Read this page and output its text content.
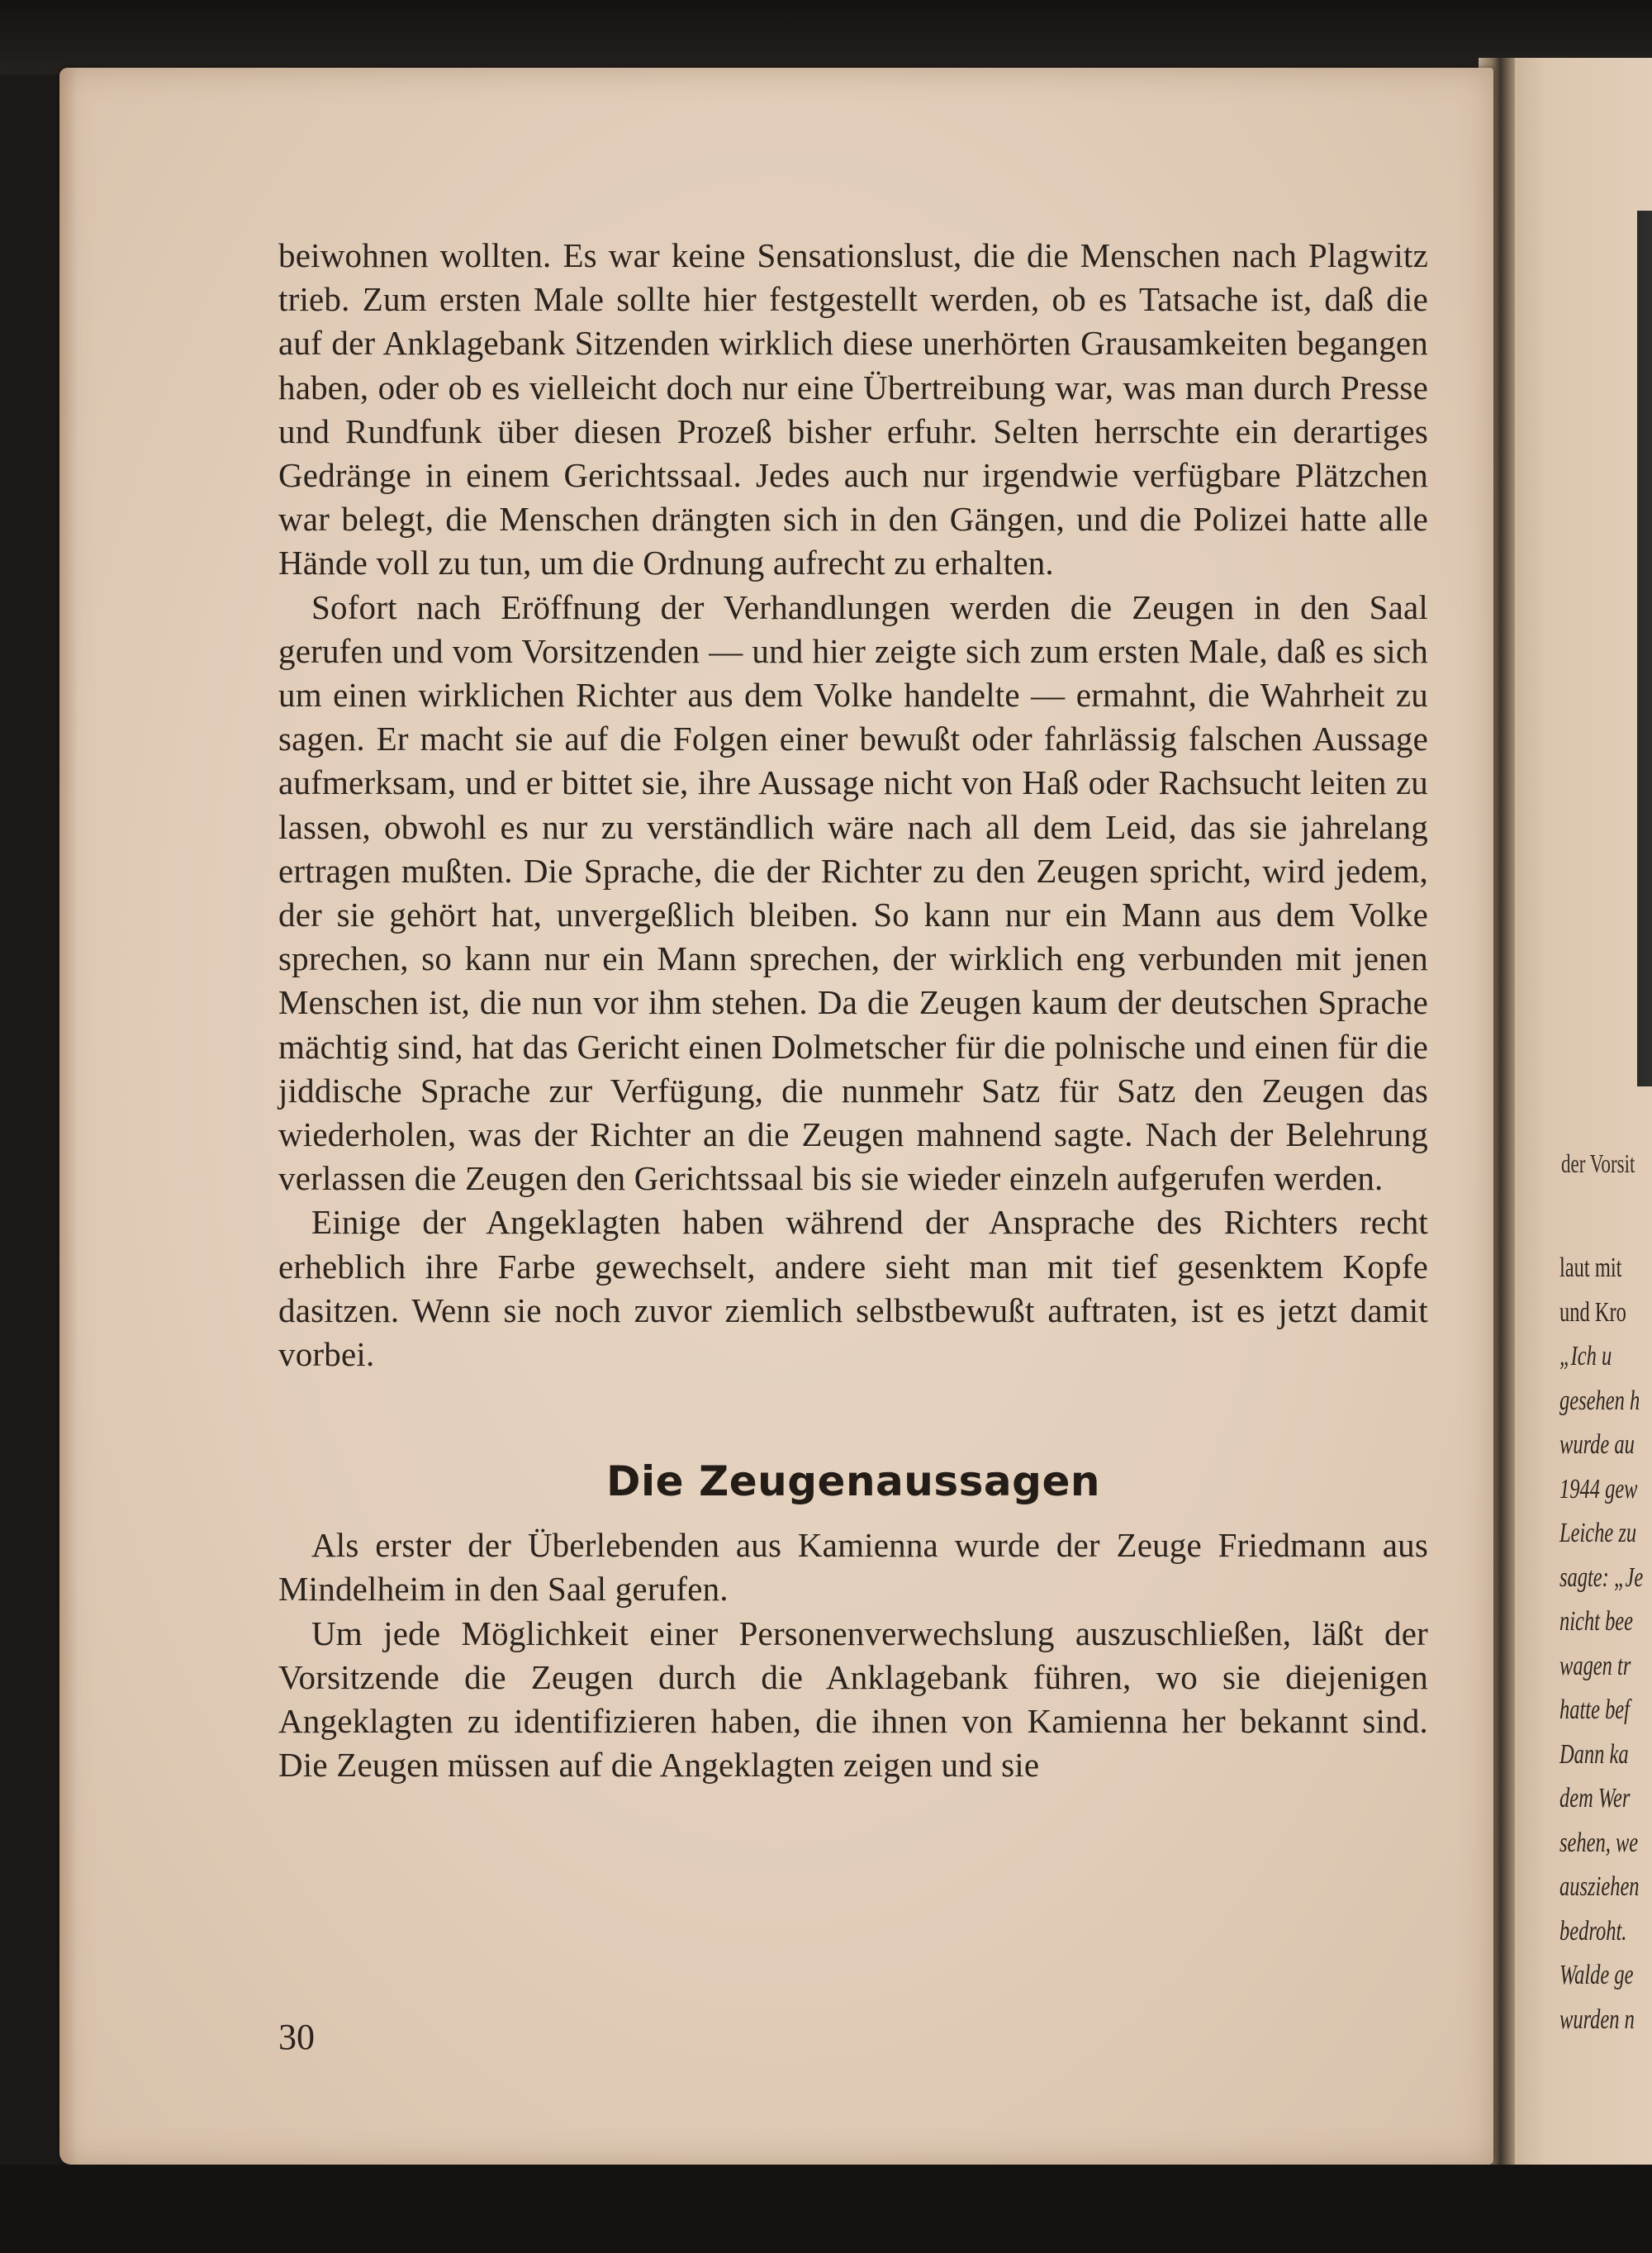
der Vorsit
laut mit
und Kro
„Ich u
gesehen h
wurde au
1944 gew
Leiche zu
sagte: „Je
nicht bee
wagen tr
hatte bef
Dann ka
dem Wer
sehen, we
ausziehen
bedroht.
Walde ge
wurden n

beiwohnen wollten. Es war keine Sensationslust, die die Menschen nach Plagwitz trieb. Zum ersten Male sollte hier festgestellt werden, ob es Tatsache ist, daß die auf der Anklagebank Sitzenden wirklich diese unerhörten Grausamkeiten begangen haben, oder ob es vielleicht doch nur eine Übertreibung war, was man durch Presse und Rundfunk über diesen Prozeß bisher erfuhr. Selten herrschte ein derartiges Gedränge in einem Gerichtssaal. Jedes auch nur irgendwie verfügbare Plätzchen war belegt, die Menschen drängten sich in den Gängen, und die Polizei hatte alle Hände voll zu tun, um die Ordnung aufrecht zu erhalten.

Sofort nach Eröffnung der Verhandlungen werden die Zeugen in den Saal gerufen und vom Vorsitzenden — und hier zeigte sich zum ersten Male, daß es sich um einen wirklichen Richter aus dem Volke handelte — ermahnt, die Wahrheit zu sagen. Er macht sie auf die Folgen einer bewußt oder fahrlässig falschen Aussage aufmerksam, und er bittet sie, ihre Aussage nicht von Haß oder Rachsucht leiten zu lassen, obwohl es nur zu verständlich wäre nach all dem Leid, das sie jahrelang ertragen mußten. Die Sprache, die der Richter zu den Zeugen spricht, wird jedem, der sie gehört hat, unvergeßlich bleiben. So kann nur ein Mann aus dem Volke sprechen, so kann nur ein Mann sprechen, der wirklich eng verbunden mit jenen Menschen ist, die nun vor ihm stehen. Da die Zeugen kaum der deutschen Sprache mächtig sind, hat das Gericht einen Dolmetscher für die polnische und einen für die jiddische Sprache zur Verfügung, die nunmehr Satz für Satz den Zeugen das wiederholen, was der Richter an die Zeugen mahnend sagte. Nach der Belehrung verlassen die Zeugen den Gerichtssaal bis sie wieder einzeln aufgerufen werden.

Einige der Angeklagten haben während der Ansprache des Richters recht erheblich ihre Farbe gewechselt, andere sieht man mit tief gesenktem Kopfe dasitzen. Wenn sie noch zuvor ziemlich selbstbewußt auftraten, ist es jetzt damit vorbei.

Die Zeugenaussagen

Als erster der Überlebenden aus Kamienna wurde der Zeuge Friedmann aus Mindelheim in den Saal gerufen.

Um jede Möglichkeit einer Personenverwechslung auszuschließen, läßt der Vorsitzende die Zeugen durch die Anklagebank führen, wo sie diejenigen Angeklagten zu identifizieren haben, die ihnen von Kamienna her bekannt sind. Die Zeugen müssen auf die Angeklagten zeigen und sie

30
